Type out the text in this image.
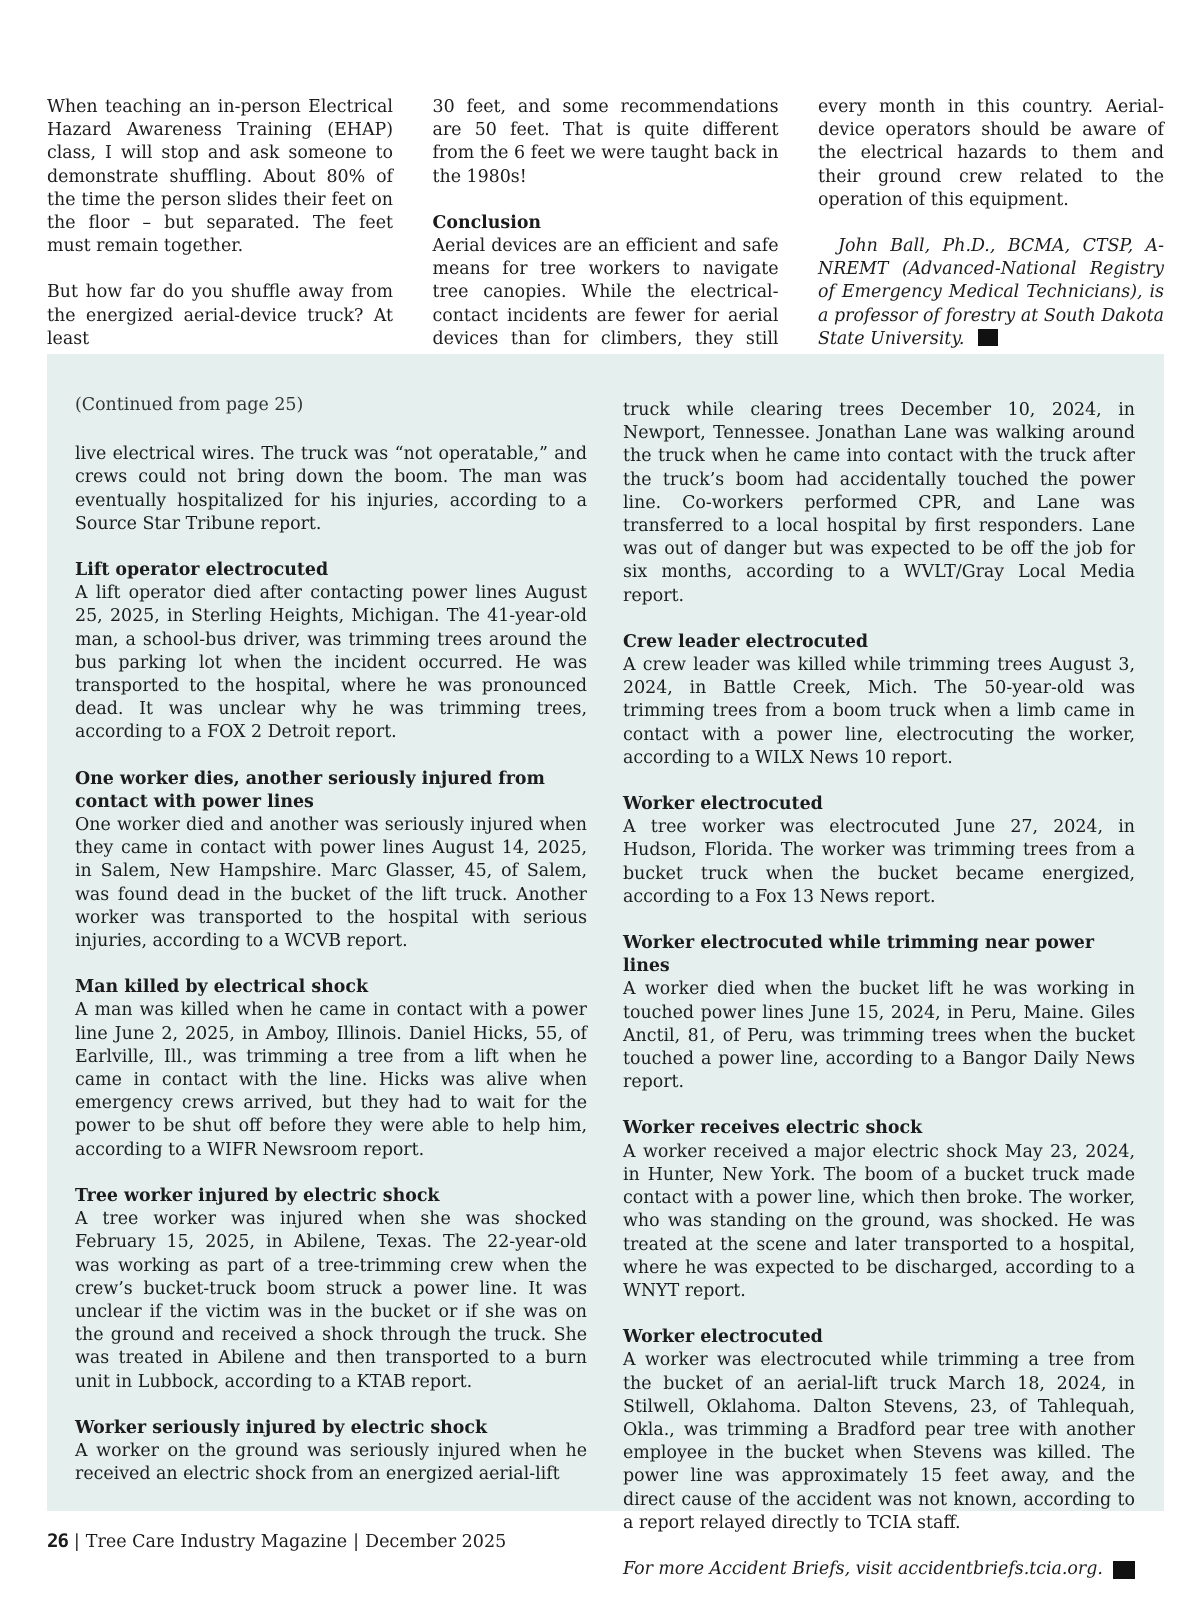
When teaching an in-person Electrical Hazard Awareness Training (EHAP) class, I will stop and ask someone to demonstrate shuffling. About 80% of the time the person slides their feet on the floor – but separated. The feet must remain together.

But how far do you shuffle away from the energized aerial-device truck? At least

30 feet, and some recommendations are 50 feet. That is quite different from the 6 feet we were taught back in the 1980s!

Conclusion

Aerial devices are an efficient and safe means for tree workers to navigate tree canopies. While the electrical-contact incidents are fewer for aerial devices than for climbers, they still

every month in this country. Aerial-device operators should be aware of the electrical hazards to them and their ground crew related to the operation of this equipment.

John Ball, Ph.D., BCMA, CTSP, A-NREMT (Advanced-National Registry of Emergency Medical Technicians), is a professor of forestry at South Dakota State University.

(Continued from page 25)

live electrical wires. The truck was “not operatable,” and crews could not bring down the boom. The man was eventually hospitalized for his injuries, according to a Source Star Tribune report.

Lift operator electrocuted

A lift operator died after contacting power lines August 25, 2025, in Sterling Heights, Michigan. The 41-year-old man, a school-bus driver, was trimming trees around the bus parking lot when the incident occurred. He was transported to the hospital, where he was pronounced dead. It was unclear why he was trimming trees, according to a FOX 2 Detroit report.

One worker dies, another seriously injured from contact with power lines

One worker died and another was seriously injured when they came in contact with power lines August 14, 2025, in Salem, New Hampshire. Marc Glasser, 45, of Salem, was found dead in the bucket of the lift truck. Another worker was transported to the hospital with serious injuries, according to a WCVB report.

Man killed by electrical shock

A man was killed when he came in contact with a power line June 2, 2025, in Amboy, Illinois. Daniel Hicks, 55, of Earlville, Ill., was trimming a tree from a lift when he came in contact with the line. Hicks was alive when emergency crews arrived, but they had to wait for the power to be shut off before they were able to help him, according to a WIFR Newsroom report.

Tree worker injured by electric shock

A tree worker was injured when she was shocked February 15, 2025, in Abilene, Texas. The 22-year-old was working as part of a tree-trimming crew when the crew’s bucket-truck boom struck a power line. It was unclear if the victim was in the bucket or if she was on the ground and received a shock through the truck. She was treated in Abilene and then transported to a burn unit in Lubbock, according to a KTAB report.

Worker seriously injured by electric shock

A worker on the ground was seriously injured when he received an electric shock from an energized aerial-lift

truck while clearing trees December 10, 2024, in Newport, Tennessee. Jonathan Lane was walking around the truck when he came into contact with the truck after the truck’s boom had accidentally touched the power line. Co-workers performed CPR, and Lane was transferred to a local hospital by first responders. Lane was out of danger but was expected to be off the job for six months, according to a WVLT/Gray Local Media report.

Crew leader electrocuted

A crew leader was killed while trimming trees August 3, 2024, in Battle Creek, Mich. The 50-year-old was trimming trees from a boom truck when a limb came in contact with a power line, electrocuting the worker, according to a WILX News 10 report.

Worker electrocuted

A tree worker was electrocuted June 27, 2024, in Hudson, Florida. The worker was trimming trees from a bucket truck when the bucket became energized, according to a Fox 13 News report.

Worker electrocuted while trimming near power lines

A worker died when the bucket lift he was working in touched power lines June 15, 2024, in Peru, Maine. Giles Anctil, 81, of Peru, was trimming trees when the bucket touched a power line, according to a Bangor Daily News report.

Worker receives electric shock

A worker received a major electric shock May 23, 2024, in Hunter, New York. The boom of a bucket truck made contact with a power line, which then broke. The worker, who was standing on the ground, was shocked. He was treated at the scene and later transported to a hospital, where he was expected to be discharged, according to a WNYT report.

Worker electrocuted

A worker was electrocuted while trimming a tree from the bucket of an aerial-lift truck March 18, 2024, in Stilwell, Oklahoma. Dalton Stevens, 23, of Tahlequah, Okla., was trimming a Bradford pear tree with another employee in the bucket when Stevens was killed. The power line was approximately 15 feet away, and the direct cause of the accident was not known, according to a report relayed directly to TCIA staff.

For more Accident Briefs, visit accidentbriefs.tcia.org.

26 | Tree Care Industry Magazine | December 2025
